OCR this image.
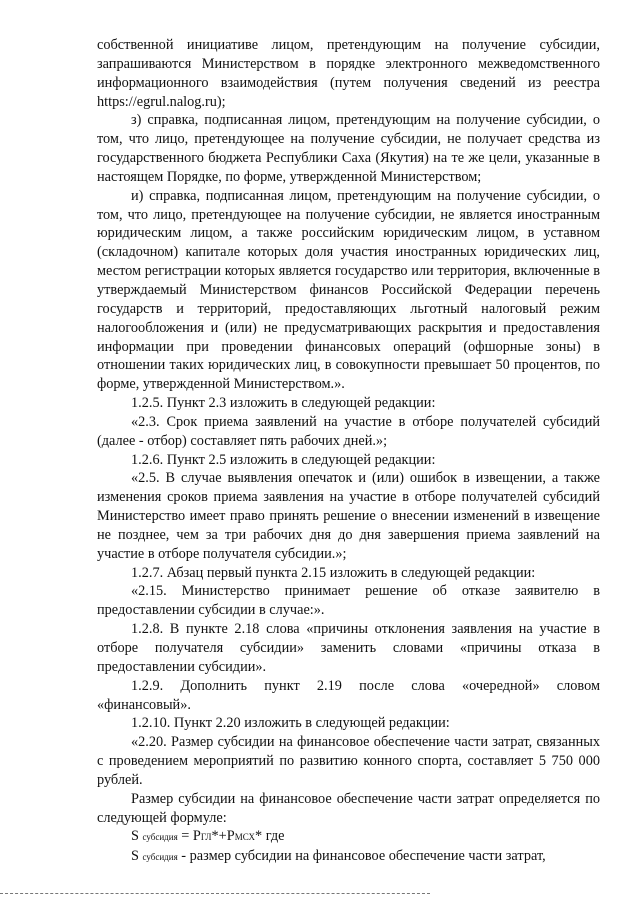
собственной инициативе лицом, претендующим на получение субсидии, запрашиваются Министерством в порядке электронного межведомственного информационного взаимодействия (путем получения сведений из реестра https://egrul.nalog.ru);

з) справка, подписанная лицом, претендующим на получение субсидии, о том, что лицо, претендующее на получение субсидии, не получает средства из государственного бюджета Республики Саха (Якутия) на те же цели, указанные в настоящем Порядке, по форме, утвержденной Министерством;

и) справка, подписанная лицом, претендующим на получение субсидии, о том, что лицо, претендующее на получение субсидии, не является иностранным юридическим лицом, а также российским юридическим лицом, в уставном (складочном) капитале которых доля участия иностранных юридических лиц, местом регистрации которых является государство или территория, включенные в утверждаемый Министерством финансов Российской Федерации перечень государств и территорий, предоставляющих льготный налоговый режим налогообложения и (или) не предусматривающих раскрытия и предоставления информации при проведении финансовых операций (офшорные зоны) в отношении таких юридических лиц, в совокупности превышает 50 процентов, по форме, утвержденной Министерством.».

1.2.5. Пункт 2.3 изложить в следующей редакции:

«2.3. Срок приема заявлений на участие в отборе получателей субсидий (далее - отбор) составляет пять рабочих дней.»;

1.2.6. Пункт 2.5 изложить в следующей редакции:

«2.5. В случае выявления опечаток и (или) ошибок в извещении, а также изменения сроков приема заявления на участие в отборе получателей субсидий Министерство имеет право принять решение о внесении изменений в извещение не позднее, чем за три рабочих дня до дня завершения приема заявлений на участие в отборе получателя субсидии.»;

1.2.7. Абзац первый пункта 2.15 изложить в следующей редакции:

«2.15. Министерство принимает решение об отказе заявителю в предоставлении субсидии в случае:».

1.2.8. В пункте 2.18 слова «причины отклонения заявления на участие в отборе получателя субсидии» заменить словами «причины отказа в предоставлении субсидии».

1.2.9. Дополнить пункт 2.19 после слова «очередной» словом «финансовый».

1.2.10. Пункт 2.20 изложить в следующей редакции:

«2.20. Размер субсидии на финансовое обеспечение части затрат, связанных с проведением мероприятий по развитию конного спорта, составляет 5 750 000 рублей.

Размер субсидии на финансовое обеспечение части затрат определяется по следующей формуле:

S субсидия = PГЛ*+PМСХ* где

S субсидия - размер субсидии на финансовое обеспечение части затрат,
